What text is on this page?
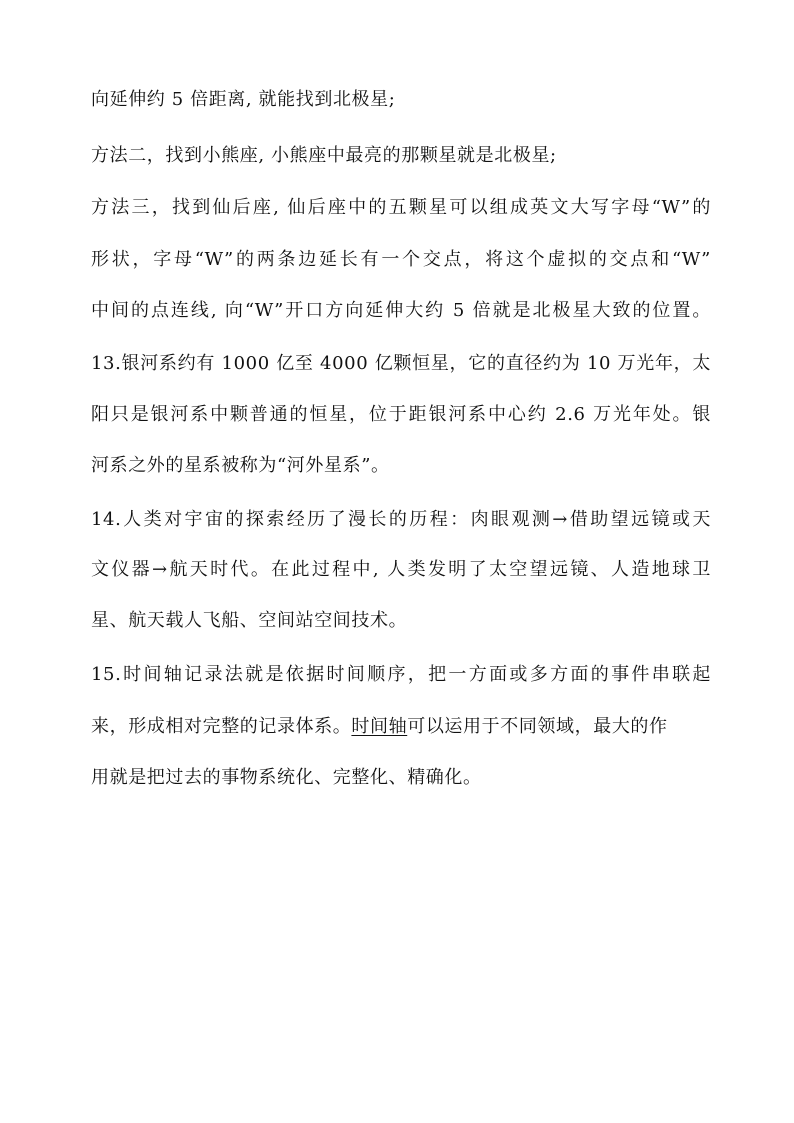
向延伸约 5 倍距离, 就能找到北极星;
方法二，找到小熊座, 小熊座中最亮的那颗星就是北极星;
方法三，找到仙后座, 仙后座中的五颗星可以组成英文大写字母“W”的
形状，字母“W”的两条边延长有一个交点，将这个虚拟的交点和“W”
中间的点连线, 向“W”开口方向延伸大约 5 倍就是北极星大致的位置。
13.银河系约有 1000 亿至 4000 亿颗恒星，它的直径约为 10 万光年，太
阳只是银河系中颗普通的恒星，位于距银河系中心约 2.6 万光年处。银
河系之外的星系被称为“河外星系”。
14.人类对宇宙的探索经历了漫长的历程：肉眼观测→借助望远镜或天
文仪器→航天时代。在此过程中, 人类发明了太空望远镜、人造地球卫
星、航天载人飞船、空间站空间技术。
15.时间轴记录法就是依据时间顺序，把一方面或多方面的事件串联起
来，形成相对完整的记录体系。时间轴可以运用于不同领域，最大的作
用就是把过去的事物系统化、完整化、精确化。
